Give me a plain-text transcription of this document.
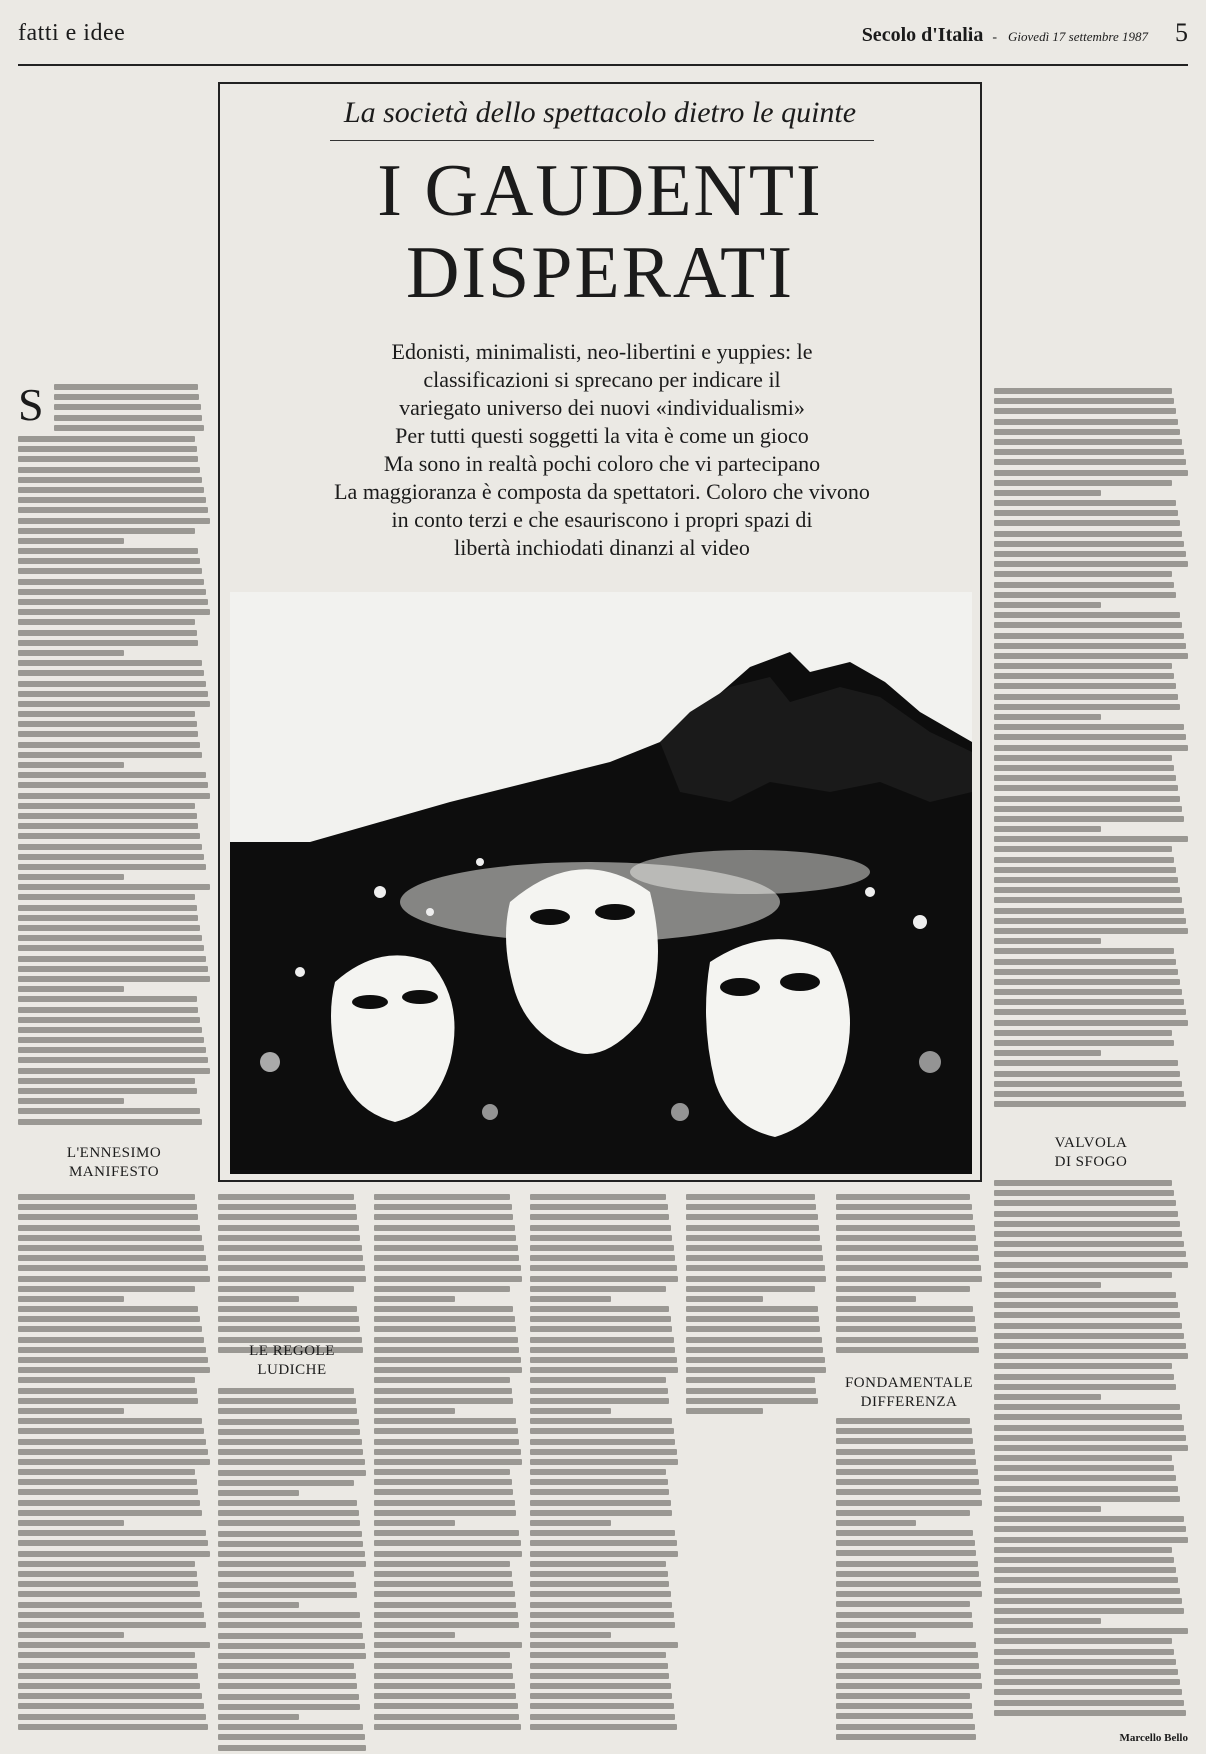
fatti e idee	Secolo d'Italia - Giovedì 17 settembre 1987 5
S
L'ENNESIMO
MANIFESTO
La società dello spettacolo dietro le quinte
I GAUDENTI
DISPERATI

Edonisti, minimalisti, neo-libertini e yuppies: le

classificazioni si sprecano per indicare il

variegato universo dei nuovi «individualismi»

Per tutti questi soggetti la vita è come un gioco

Ma sono in realtà pochi coloro che vi partecipano

La maggioranza è composta da spettatori. Coloro che vivono

in conto terzi e che esauriscono i propri spazi di

libertà inchiodati dinanzi al video

LE REGOLE
LUDICHE
FONDAMENTALE
DIFFERENZA
VALVOLA
DI SFOGO
Marcello Bello
